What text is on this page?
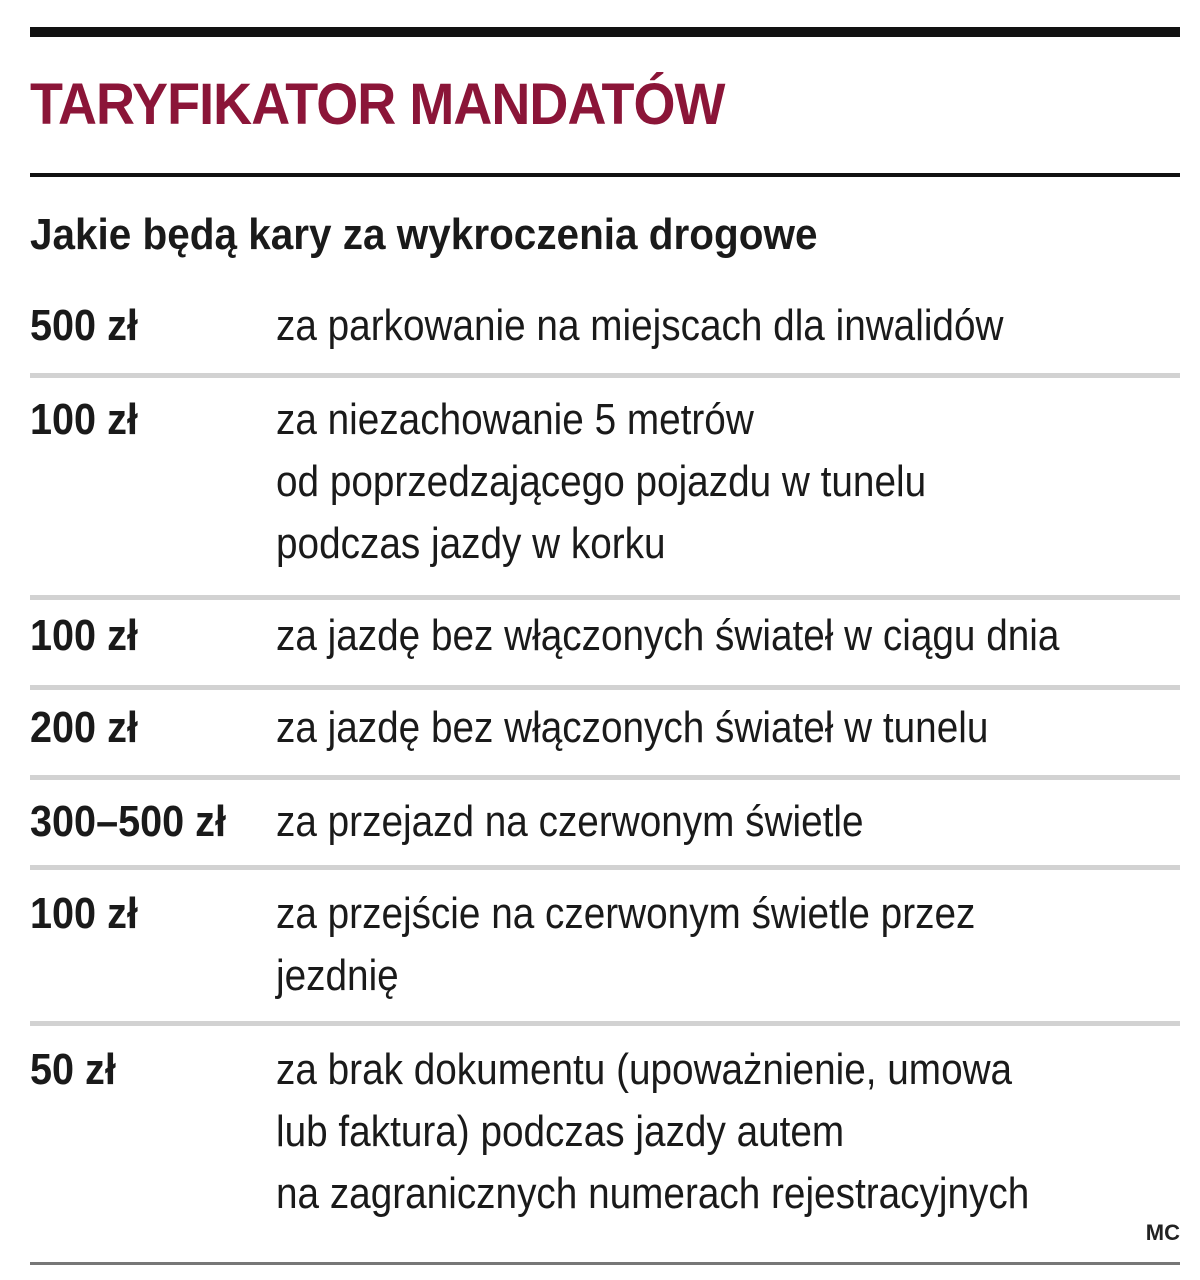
TARYFIKATOR MANDATÓW
Jakie będą kary za wykroczenia drogowe
500 zł	za parkowanie na miejscach dla inwalidów
100 zł	za niezachowanie 5 metrów
od poprzedzającego pojazdu w tunelu
podczas jazdy w korku
100 zł	za jazdę bez włączonych świateł w ciągu dnia
200 zł	za jazdę bez włączonych świateł w tunelu
300–500 zł za przejazd na czerwonym świetle
100 zł	za przejście na czerwonym świetle przez
jezdnię
50 zł	za brak dokumentu (upoważnienie, umowa
lub faktura) podczas jazdy autem
na zagranicznych numerach rejestracyjnych
MC
